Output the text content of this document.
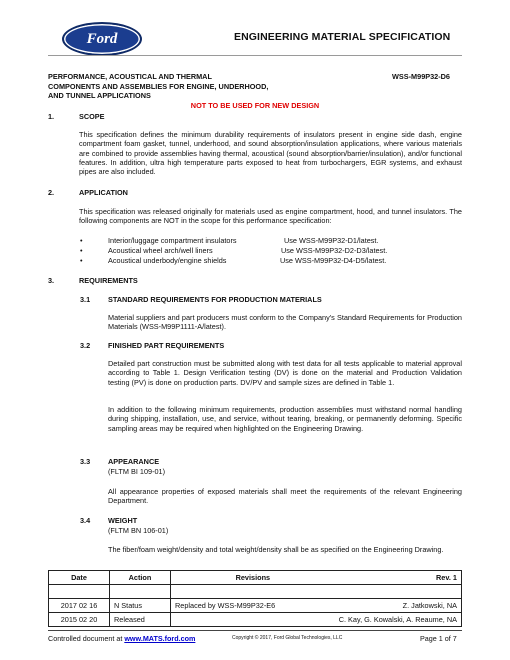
Ford	ENGINEERING MATERIAL SPECIFICATION
PERFORMANCE, ACOUSTICAL AND THERMAL
COMPONENTS AND ASSEMBLIES FOR ENGINE, UNDERHOOD,
AND TUNNEL APPLICATIONS
WSS-M99P32-D6
NOT TO BE USED FOR NEW DESIGN
1.	SCOPE
This specification defines the minimum durability requirements of insulators present in engine side dash, engine compartment foam gasket, tunnel, underhood, and sound absorption/insulation applications, where various materials are combined to provide assemblies having thermal, acoustical (sound absorption/barrier/insulation), and/or functional features. In addition, ultra high temperature parts exposed to heat from turbochargers, EGR systems, and exhaust pipes are also included.
2.	APPLICATION
This specification was released originally for materials used as engine compartment, hood, and tunnel insulators. The following components are NOT in the scope for this performance specification:
•	Interior/luggage compartment insulators	Use WSS-M99P32-D1/latest.
•	Acoustical wheel arch/well liners	Use WSS-M99P32-D2-D3/latest.
•	Acoustical underbody/engine shields	Use WSS-M99P32-D4-D5/latest.
3.	REQUIREMENTS
3.1 STANDARD REQUIREMENTS FOR PRODUCTION MATERIALS
Material suppliers and part producers must conform to the Company's Standard Requirements for Production Materials (WSS-M99P1111-A/latest).
3.2 FINISHED PART REQUIREMENTS
Detailed part construction must be submitted along with test data for all tests applicable to material approval according to Table 1. Design Verification testing (DV) is done on the material and Production Validation testing (PV) is done on production parts. DV/PV and sample sizes are defined in Table 1.
In addition to the following minimum requirements, production assemblies must withstand normal handling during shipping, installation, use, and service, without tearing, breaking, or permanently deforming. Specific sampling areas may be required when highlighted on the Engineering Drawing.
3.3 APPEARANCE
(FLTM BI 109-01)
All appearance properties of exposed materials shall meet the requirements of the relevant Engineering Department.
3.4 WEIGHT
(FLTM BN 106-01)
The fiber/foam weight/density and total weight/density shall be as specified on the Engineering Drawing.
Date	Action	Revisions	Rev. 1

2017 02 16	N Status	Replaced by WSS-M99P32-E6	Z. Jatkowski, NA
2015 02 20	Released		C. Kay, G. Kowalski, A. Reaume, NA
Controlled document at www.MATS.ford.com	Copyright © 2017, Ford Global Technologies, LLC	Page 1 of 7
